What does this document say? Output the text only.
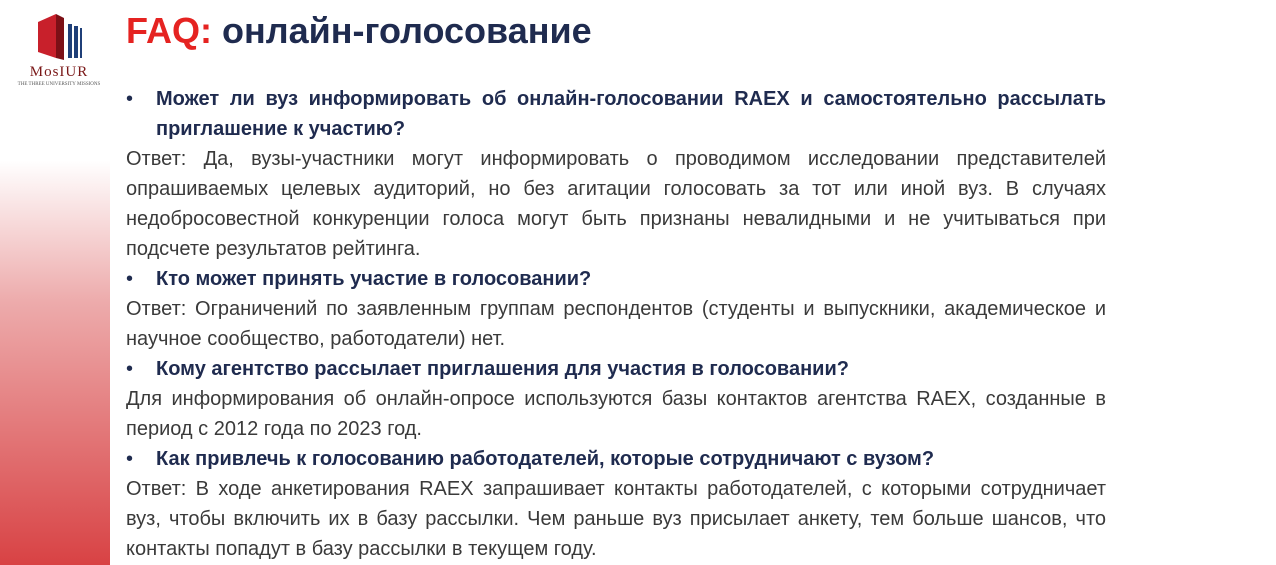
MosIUR
THE THREE UNIVERSITY MISSIONS
FAQ: онлайн-голосование
• Может ли вуз информировать об онлайн-голосовании RAEX и самостоятельно рассылать приглашение к участию?
Ответ: Да, вузы-участники могут информировать о проводимом исследовании представителей опрашиваемых целевых аудиторий, но без агитации голосовать за тот или иной вуз. В случаях недобросовестной конкуренции голоса могут быть признаны невалидными и не учитываться при подсчете результатов рейтинга.
• Кто может принять участие в голосовании?
Ответ: Ограничений по заявленным группам респондентов (студенты и выпускники, академическое и научное сообщество, работодатели) нет.
• Кому агентство рассылает приглашения для участия в голосовании?
Для информирования об онлайн-опросе используются базы контактов агентства RAEX, созданные в период с 2012 года по 2023 год.
• Как привлечь к голосованию работодателей, которые сотрудничают с вузом?
Ответ: В ходе анкетирования RAEX запрашивает контакты работодателей, с которыми сотрудничает вуз, чтобы включить их в базу рассылки. Чем раньше вуз присылает анкету, тем больше шансов, что контакты попадут в базу рассылки в текущем году.
